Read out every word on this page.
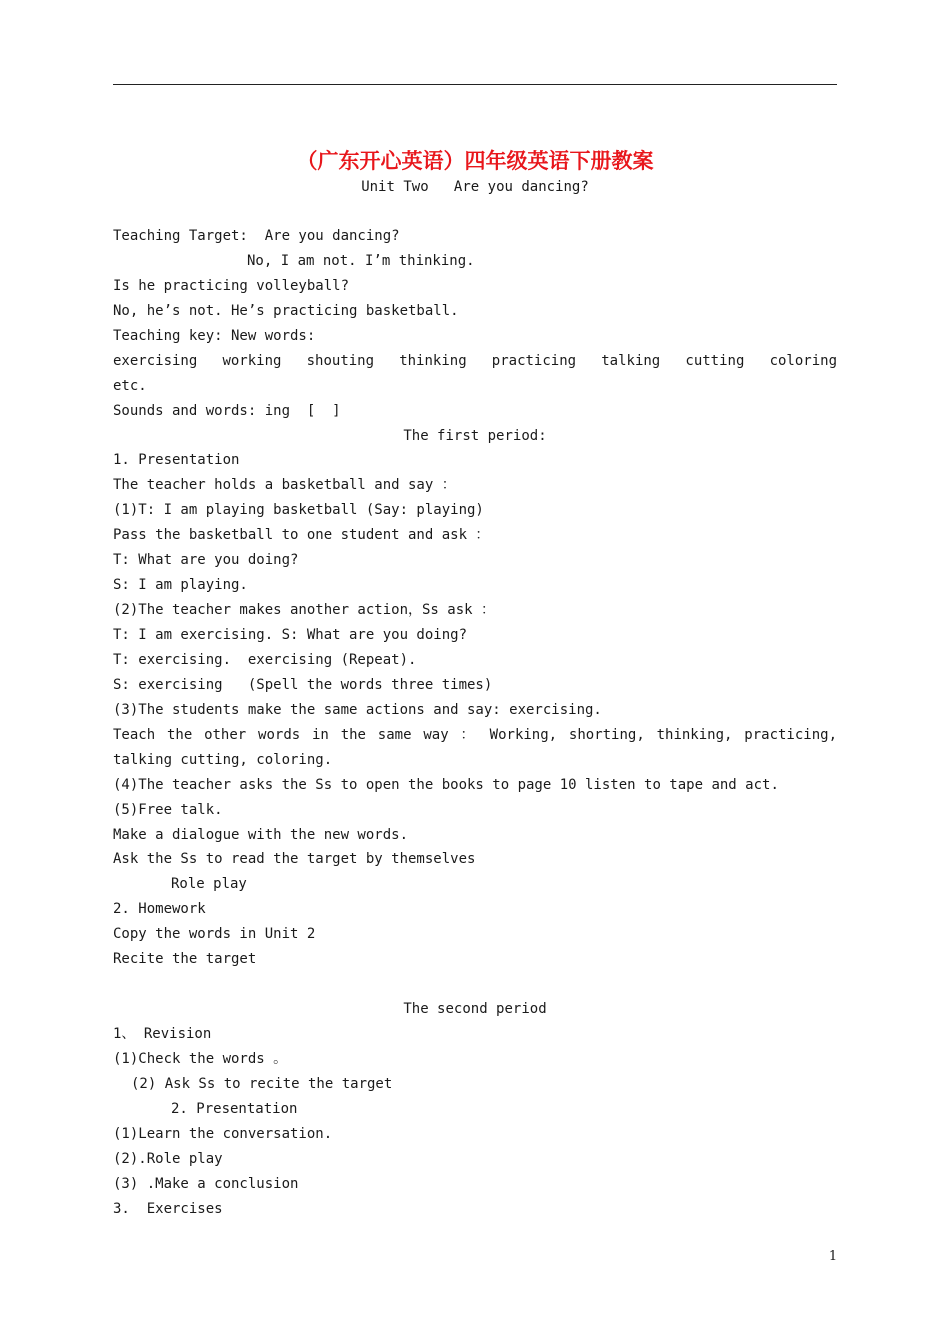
（广东开心英语）四年级英语下册教案
Unit Two   Are you dancing?
Teaching Target:  Are you dancing?
No, I am not. I’m thinking.
Is he practicing volleyball?
No, he’s not. He’s practicing basketball.
Teaching key: New words:
exercising working shouting thinking practicing talking cutting coloring
etc.
Sounds and words: ing  [  ]
The first period:
1. Presentation
The teacher holds a basketball and say ：
(1)T: I am playing basketball (Say: playing)
Pass the basketball to one student and ask ：
T: What are you doing?
S: I am playing.
(2)The teacher makes another action，Ss ask ：
T: I am exercising. S: What are you doing?
T: exercising.  exercising (Repeat).
S: exercising   (Spell the words three times)
(3)The students make the same actions and say: exercising.
Teach the other words in the same way ： Working, shorting, thinking, practicing,
talking cutting, coloring.
(4)The teacher asks the Ss to open the books to page 10 listen to tape and act.
(5)Free talk.
Make a dialogue with the new words.
Ask the Ss to read the target by themselves
Role play
2. Homework
Copy the words in Unit 2
Recite the target
The second period
1、 Revision
(1)Check the words 。
(2) Ask Ss to recite the target
2. Presentation
(1)Learn the conversation.
(2).Role play
(3) .Make a conclusion
3.  Exercises
1
